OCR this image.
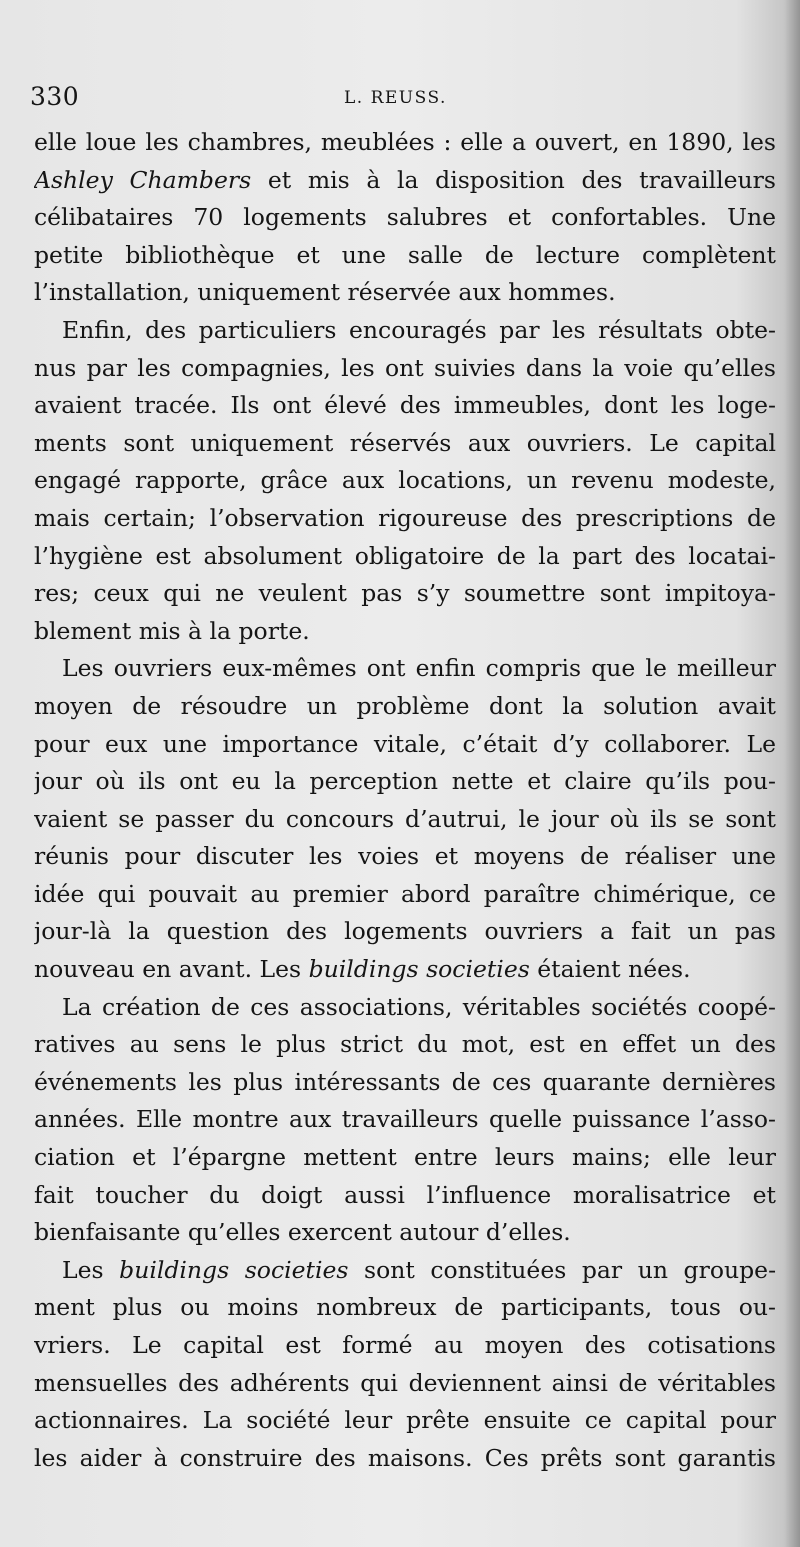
330	L. REUSS.
elle loue les chambres, meublées : elle a ouvert, en 1890, les
Ashley Chambers et mis à la disposition des travailleurs
célibataires 70 logements salubres et confortables. Une
petite bibliothèque et une salle de lecture complètent
l’installation, uniquement réservée aux hommes.
Enfin, des particuliers encouragés par les résultats obte-
nus par les compagnies, les ont suivies dans la voie qu’elles
avaient tracée. Ils ont élevé des immeubles, dont les loge-
ments sont uniquement réservés aux ouvriers. Le capital
engagé rapporte, grâce aux locations, un revenu modeste,
mais certain; l’observation rigoureuse des prescriptions de
l’hygiène est absolument obligatoire de la part des locatai-
res; ceux qui ne veulent pas s’y soumettre sont impitoya-
blement mis à la porte.
Les ouvriers eux-mêmes ont enfin compris que le meilleur
moyen de résoudre un problème dont la solution avait
pour eux une importance vitale, c’était d’y collaborer. Le
jour où ils ont eu la perception nette et claire qu’ils pou-
vaient se passer du concours d’autrui, le jour où ils se sont
réunis pour discuter les voies et moyens de réaliser une
idée qui pouvait au premier abord paraître chimérique, ce
jour-là la question des logements ouvriers a fait un pas
nouveau en avant. Les buildings societies étaient nées.
La création de ces associations, véritables sociétés coopé-
ratives au sens le plus strict du mot, est en effet un des
événements les plus intéressants de ces quarante dernières
années. Elle montre aux travailleurs quelle puissance l’asso-
ciation et l’épargne mettent entre leurs mains; elle leur
fait toucher du doigt aussi l’influence moralisatrice et
bienfaisante qu’elles exercent autour d’elles.
Les buildings societies sont constituées par un groupe-
ment plus ou moins nombreux de participants, tous ou-
vriers. Le capital est formé au moyen des cotisations
mensuelles des adhérents qui deviennent ainsi de véritables
actionnaires. La société leur prête ensuite ce capital pour
les aider à construire des maisons. Ces prêts sont garantis
